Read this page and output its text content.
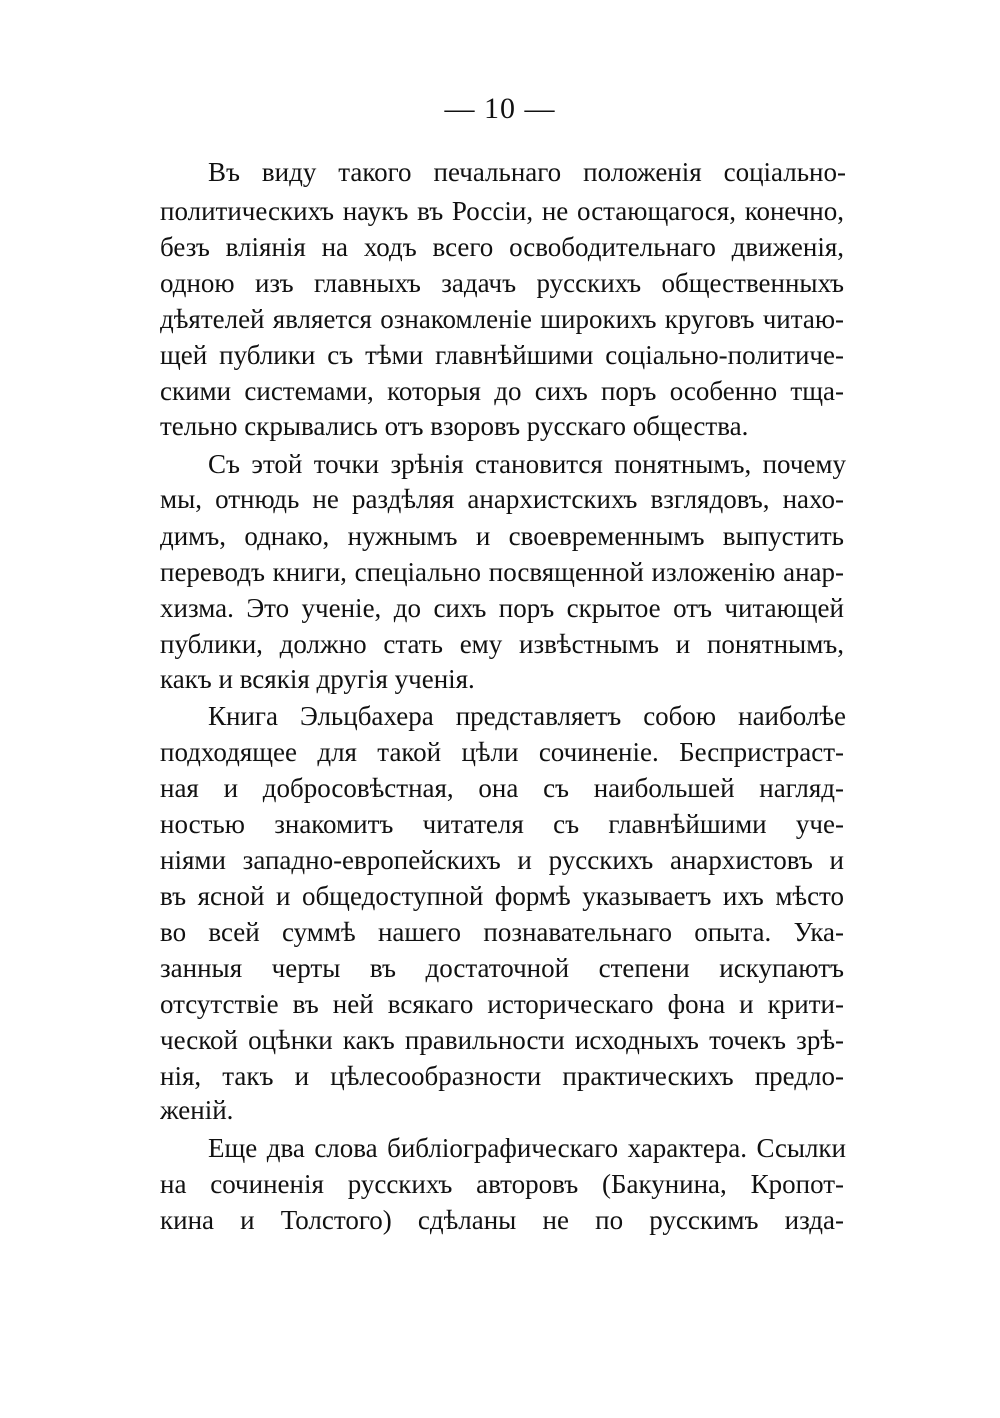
— 10 —
Въ виду такого печальнаго положенія соціально-
политическихъ наукъ въ Россіи, не остающагося, конечно,
безъ вліянія на ходъ всего освободительнаго движенія,
одною изъ главныхъ задачъ русскихъ общественныхъ
дѣятелей является ознакомленіе широкихъ круговъ читаю-
щей публики съ тѣми главнѣйшими соціально-политиче-
скими системами, которыя до сихъ поръ особенно тща-
тельно скрывались отъ взоровъ русскаго общества.
Съ этой точки зрѣнія становится понятнымъ, почему
мы, отнюдь не раздѣляя анархистскихъ взглядовъ, нахо-
димъ, однако, нужнымъ и своевременнымъ выпустить
переводъ книги, спеціально посвященной изложенію анар-
хизма. Это ученіе, до сихъ поръ скрытое отъ читающей
публики, должно стать ему извѣстнымъ и понятнымъ,
какъ и всякія другія ученія.
Книга Эльцбахера представляетъ собою наиболѣе
подходящее для такой цѣли сочиненіе. Беспристраст-
ная и добросовѣстная, она съ наибольшей нагляд-
ностью знакомитъ читателя съ главнѣйшими уче-
ніями западно-европейскихъ и русскихъ анархистовъ и
въ ясной и общедоступной формѣ указываетъ ихъ мѣсто
во всей суммѣ нашего познавательнаго опыта. Ука-
занныя черты въ достаточной степени искупаютъ
отсутствіе въ ней всякаго историческаго фона и крити-
ческой оцѣнки какъ правильности исходныхъ точекъ зрѣ-
нія, такъ и цѣлесообразности практическихъ предло-
женій.
Еще два слова библіографическаго характера. Ссылки
на сочиненія русскихъ авторовъ (Бакунина, Кропот-
кина и Толстого) сдѣланы не по русскимъ изда-
